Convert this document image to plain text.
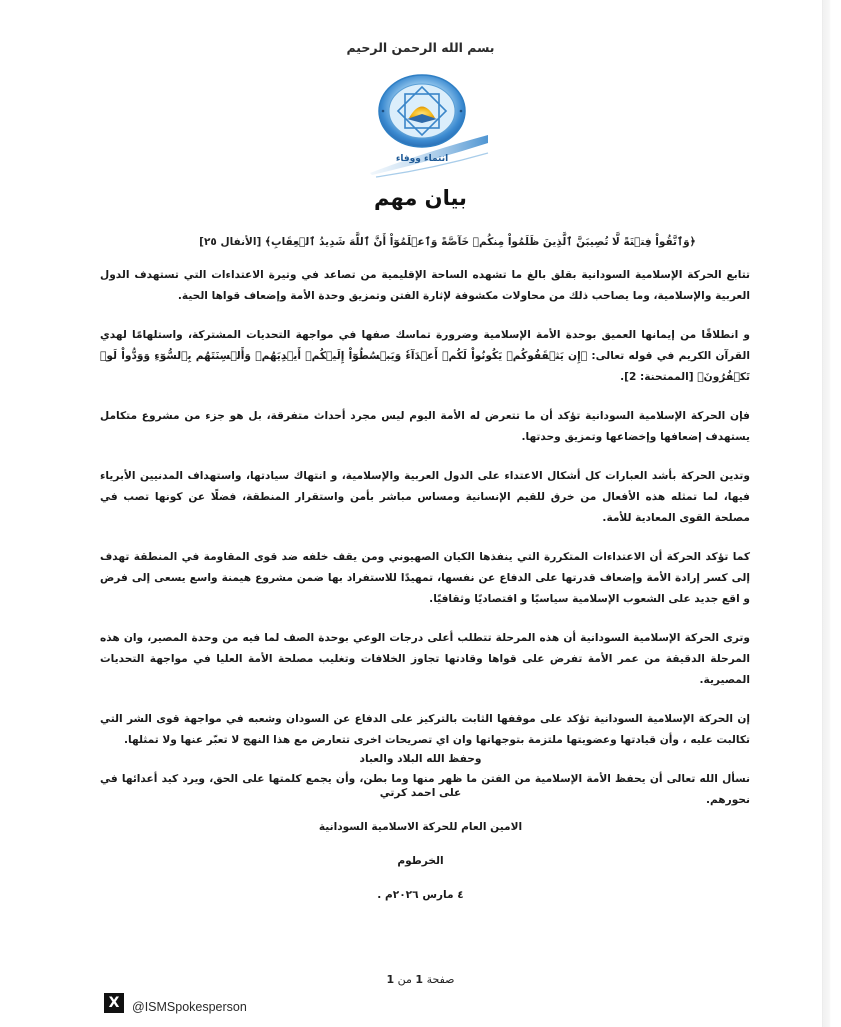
بسم الله الرحمن الرحيم
انتماء ووفاء
بيان مهم
﴿وَٱتَّقُواْ فِتۡنَةً لَّا تُصِيبَنَّ ٱلَّذِينَ ظَلَمُواْ مِنكُمۡ خَآصَّةً وَٱعۡلَمُوٓاْ أَنَّ ٱللَّهَ شَدِيدُ ٱلۡعِقَابِ﴾ [الأنفال ٢٥]

تتابع الحركة الإسلامية السودانية بقلق بالغ ما تشهده الساحة الإقليمية من تصاعد في وتيرة الاعتداءات التي تستهدف الدول العربية والإسلامية، وما يصاحب ذلك من محاولات مكشوفة لإثارة الفتن وتمزيق وحدة الأمة وإضعاف قواها الحية.

و انطلاقًا من إيمانها العميق بوحدة الأمة الإسلامية وضرورة تماسك صفها في مواجهة التحديات المشتركة، واستلهامًا لهدي القرآن الكريم في قوله تعالى: ﴿إِن يَثۡقَفُوكُمۡ يَكُونُواْ لَكُمۡ أَعۡدَآءٗ وَيَبۡسُطُوٓاْ إِلَيۡكُمۡ أَيۡدِيَهُمۡ وَأَلۡسِنَتَهُم بِٱلسُّوٓءِ وَوَدُّواْ لَوۡ تَكۡفُرُونَ﴾ [الممتحنة: 2].

فإن الحركة الإسلامية السودانية تؤكد أن ما تتعرض له الأمة اليوم ليس مجرد أحداث متفرقة، بل هو جزء من مشروع متكامل يستهدف إضعافها وإخضاعها وتمزيق وحدتها.

وتدين الحركة بأشد العبارات كل أشكال الاعتداء على الدول العربية والإسلامية، و انتهاك سيادتها، واستهداف المدنيين الأبرياء فيها، لما تمثله هذه الأفعال من خرق للقيم الإنسانية ومساس مباشر بأمن واستقرار المنطقة، فضلًا عن كونها تصب في مصلحة القوى المعادية للأمة.

كما تؤكد الحركة أن الاعتداءات المتكررة التي ينفذها الكيان الصهيوني ومن يقف خلفه ضد قوى المقاومة في المنطقة تهدف إلى كسر إرادة الأمة وإضعاف قدرتها على الدفاع عن نفسها، تمهيدًا للاستفراد بها ضمن مشروع هيمنة واسع يسعى إلى فرض و اقع جديد على الشعوب الإسلامية سياسيًا و اقتصاديًا وثقافيًا.

وترى الحركة الإسلامية السودانية أن هذه المرحلة تتطلب أعلى درجات الوعي بوحدة الصف لما فيه من وحدة المصير، وان هذه المرحلة الدقيقة من عمر الأمة تفرض على قواها وقادتها تجاوز الخلافات وتغليب مصلحة الأمة العليا في مواجهة التحديات المصيرية.

إن الحركة الإسلامية السودانية تؤكد على موقفها الثابت بالتركيز على الدفاع عن السودان وشعبه في مواجهة قوى الشر التي تكالبت عليه ، وأن قيادتها وعضويتها ملتزمة بتوجهاتها وان اي تصريحات اخرى تتعارض مع هذا النهج لا تعبّر عنها ولا تمثلها.

نسأل الله تعالى أن يحفظ الأمة الإسلامية من الفتن ما ظهر منها وما بطن، وأن يجمع كلمتها على الحق، ويرد كيد أعدائها في نحورهم.

وحفظ الله البلاد والعباد
على احمد كرتي
الامين العام للحركة الاسلامية السودانية
الخرطوم
٤ مارس ٢٠٢٦م .
صفحة 1 من 1
X	@ISMSpokesperson
